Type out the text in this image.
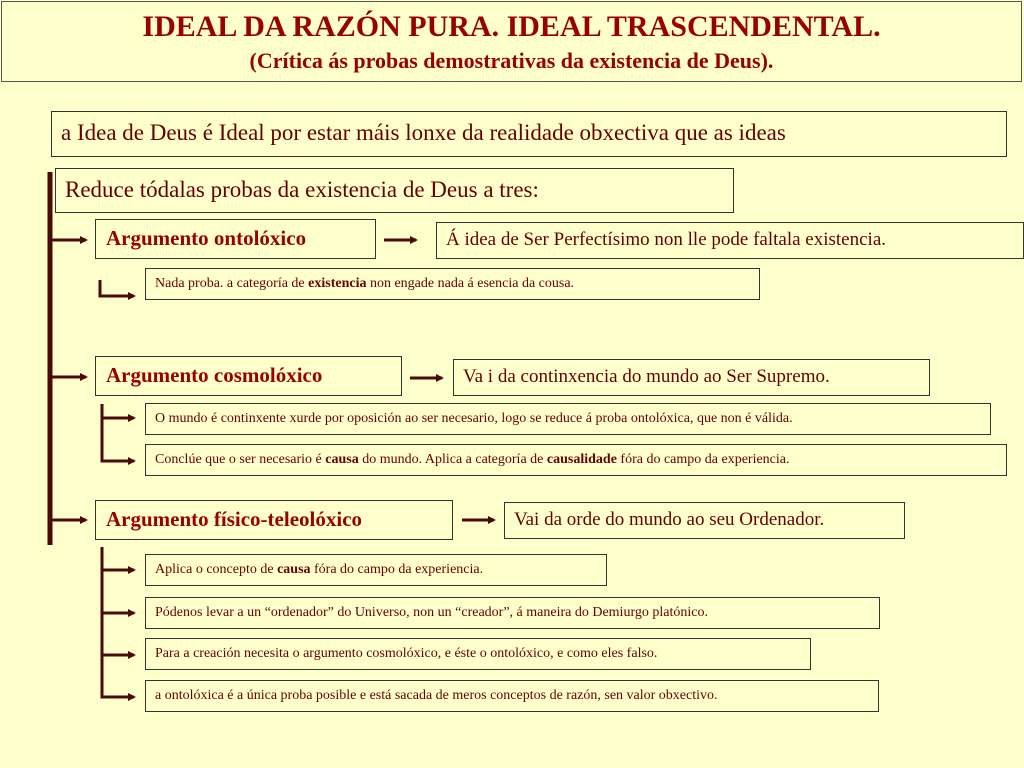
IDEAL DA RAZÓN PURA. IDEAL TRASCENDENTAL.
(Crítica ás probas demostrativas da existencia de Deus).
a Idea de Deus é Ideal por estar máis lonxe da realidade obxectiva que as ideas
Reduce tódalas probas da existencia de Deus a tres:
Argumento ontolóxico	Á idea de Ser Perfectísimo non lle pode faltala existencia.
Nada proba. a categoría de existencia non engade nada á esencia da cousa.
Argumento cosmolóxico	Va i da continxencia do mundo ao Ser Supremo.
O mundo é continxente xurde por oposición ao ser necesario, logo se reduce á proba ontolóxica, que non é válida.
Conclúe que o ser necesario é causa do mundo. Aplica a categoría de causalidade fóra do campo da experiencia.
Argumento físico-teleolóxico	Vai da orde do mundo ao seu Ordenador.
Aplica o concepto de causa fóra do campo da experiencia.
Pódenos levar a un “ordenador” do Universo, non un “creador”, á maneira do Demiurgo platónico.
Para a creación necesita o argumento cosmolóxico, e éste o ontolóxico, e como eles falso.
a ontolóxica é a única proba posible e está sacada de meros conceptos de razón, sen valor obxectivo.
